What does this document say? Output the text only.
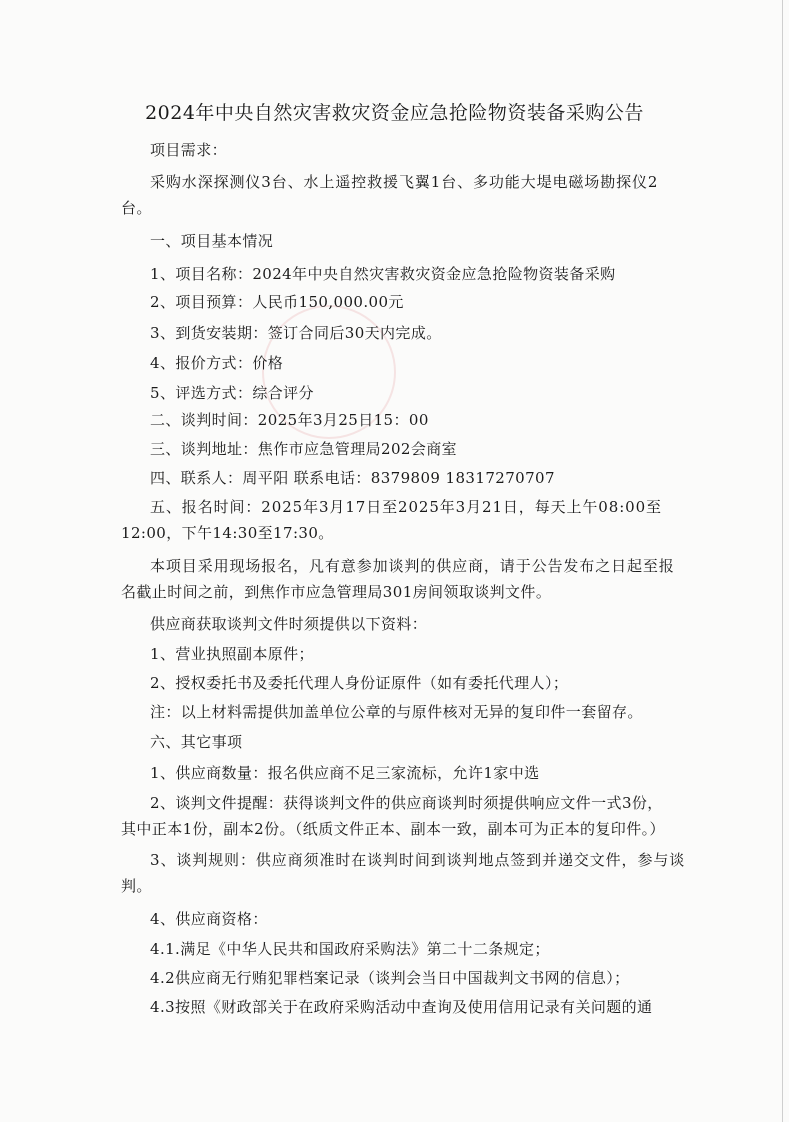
2024年中央自然灾害救灾资金应急抢险物资装备采购公告
项目需求：
采购水深探测仪3台、水上遥控救援飞翼1台、多功能大堤电磁场勘探仪2
台。
一、项目基本情况
1、项目名称：2024年中央自然灾害救灾资金应急抢险物资装备采购
2、项目预算：人民币150,000.00元
3、到货安装期：签订合同后30天内完成。
4、报价方式：价格
5、评选方式：综合评分
二、谈判时间：2025年3月25日15：00
三、谈判地址：焦作市应急管理局202会商室
四、联系人：周平阳 联系电话：8379809 18317270707
五、报名时间：2025年3月17日至2025年3月21日，每天上午08:00至
12:00，下午14:30至17:30。
本项目采用现场报名，凡有意参加谈判的供应商，请于公告发布之日起至报
名截止时间之前，到焦作市应急管理局301房间领取谈判文件。
供应商获取谈判文件时须提供以下资料：
1、营业执照副本原件；
2、授权委托书及委托代理人身份证原件（如有委托代理人）；
注：以上材料需提供加盖单位公章的与原件核对无异的复印件一套留存。
六、其它事项
1、供应商数量：报名供应商不足三家流标，允许1家中选
2、谈判文件提醒：获得谈判文件的供应商谈判时须提供响应文件一式3份，
其中正本1份，副本2份。（纸质文件正本、副本一致，副本可为正本的复印件。）
3、谈判规则：供应商须准时在谈判时间到谈判地点签到并递交文件，参与谈
判。
4、供应商资格：
4.1.满足《中华人民共和国政府采购法》第二十二条规定；
4.2供应商无行贿犯罪档案记录（谈判会当日中国裁判文书网的信息）；
4.3按照《财政部关于在政府采购活动中查询及使用信用记录有关问题的通
